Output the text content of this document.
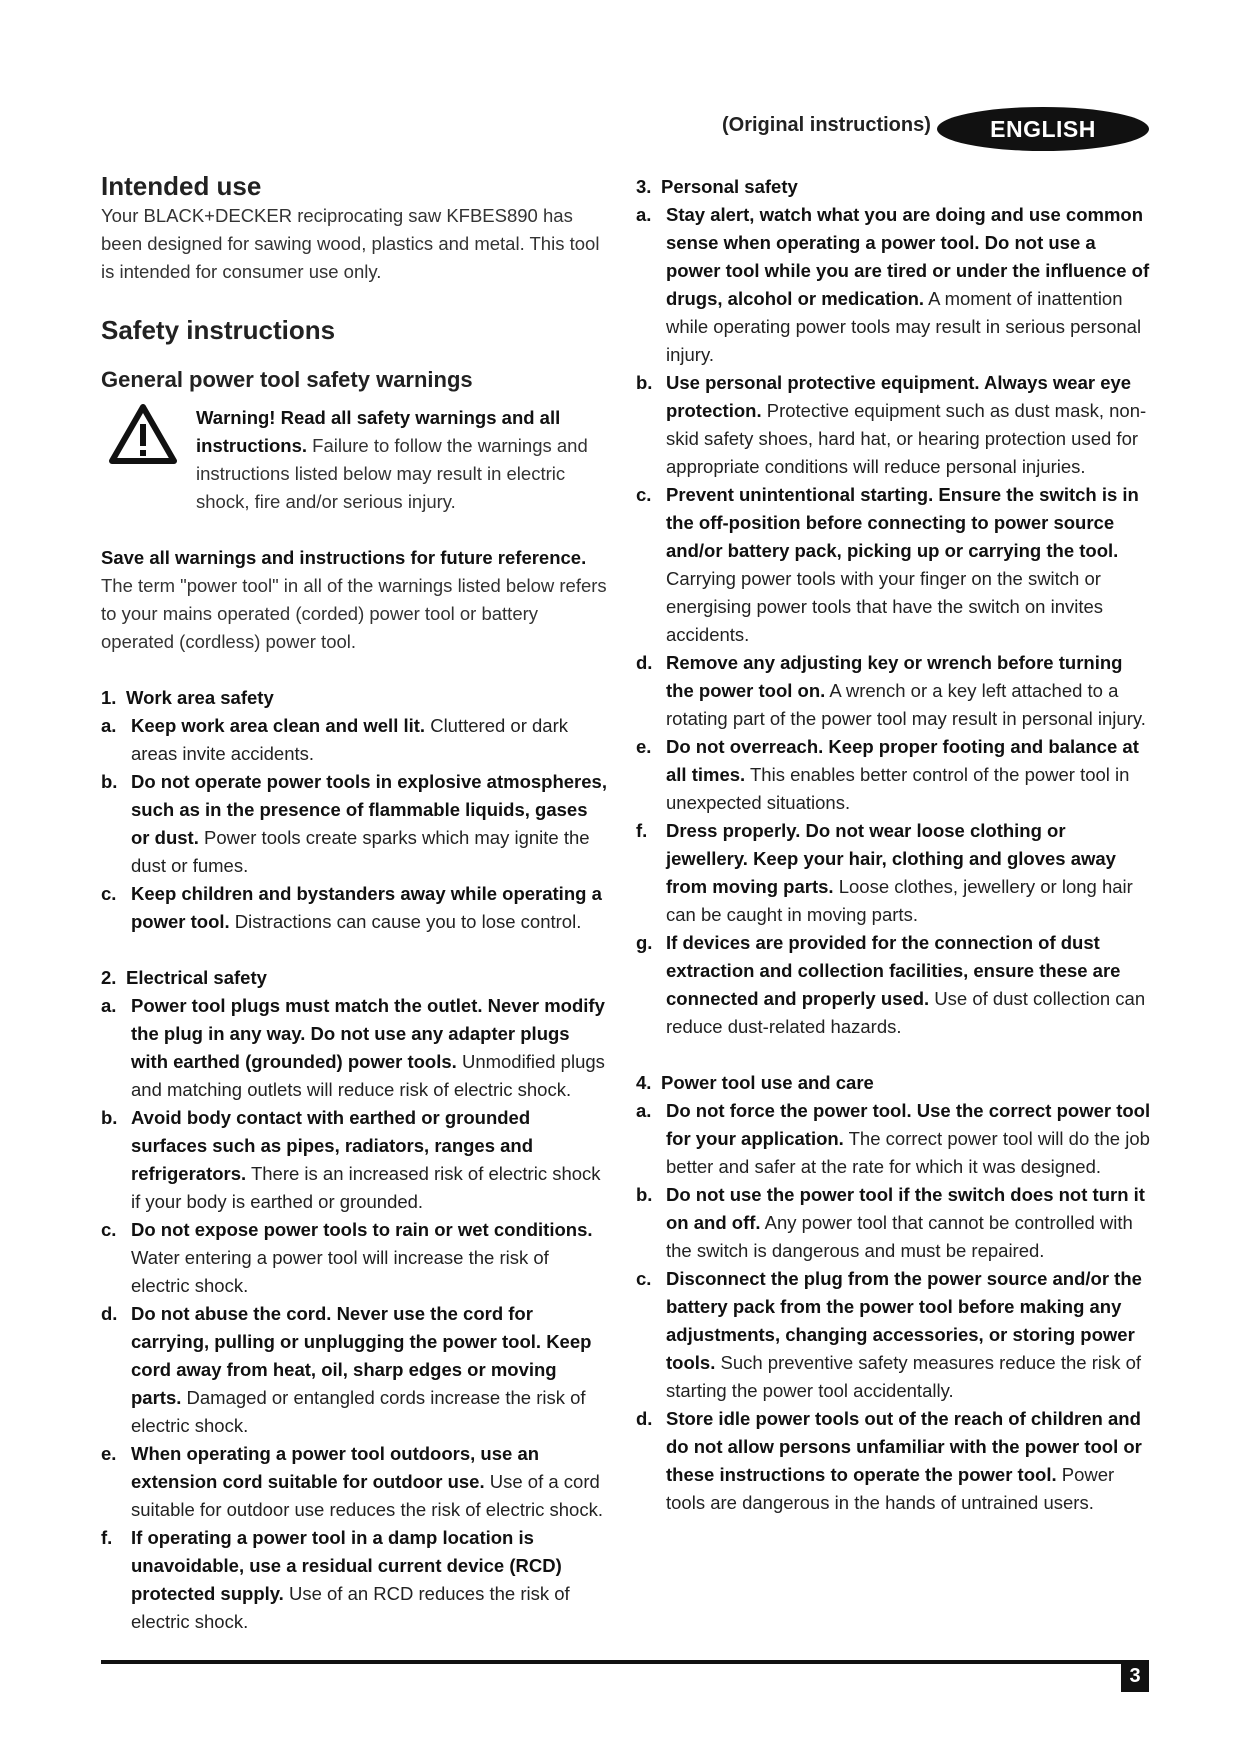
(Original instructions)	ENGLISH
Intended use

Your BLACK+DECKER reciprocating saw KFBES890 has been designed for sawing wood, plastics and metal. This tool is intended for consumer use only.

Safety instructions
General power tool safety warnings

Warning! Read all safety warnings and all instructions. Failure to follow the warnings and instructions listed below may result in electric shock, fire and/or serious injury.

Save all warnings and instructions for future reference. The term "power tool" in all of the warnings listed below refers to your mains operated (corded) power tool or battery operated (cordless) power tool.

1. Work area safety
a. Keep work area clean and well lit. Cluttered or dark areas invite accidents.
b. Do not operate power tools in explosive atmospheres, such as in the presence of flammable liquids, gases or dust. Power tools create sparks which may ignite the dust or fumes.
c. Keep children and bystanders away while operating a power tool. Distractions can cause you to lose control.
2. Electrical safety
a. Power tool plugs must match the outlet. Never modify the plug in any way. Do not use any adapter plugs with earthed (grounded) power tools. Unmodified plugs and matching outlets will reduce risk of electric shock.
b. Avoid body contact with earthed or grounded surfaces such as pipes, radiators, ranges and refrigerators. There is an increased risk of electric shock if your body is earthed or grounded.
c. Do not expose power tools to rain or wet conditions. Water entering a power tool will increase the risk of electric shock.
d. Do not abuse the cord. Never use the cord for carrying, pulling or unplugging the power tool. Keep cord away from heat, oil, sharp edges or moving parts. Damaged or entangled cords increase the risk of electric shock.
e. When operating a power tool outdoors, use an extension cord suitable for outdoor use. Use of a cord suitable for outdoor use reduces the risk of electric shock.
f. If operating a power tool in a damp location is unavoidable, use a residual current device (RCD) protected supply. Use of an RCD reduces the risk of electric shock.
3. Personal safety
a. Stay alert, watch what you are doing and use common sense when operating a power tool. Do not use a power tool while you are tired or under the influence of drugs, alcohol or medication. A moment of inattention while operating power tools may result in serious personal injury.
b. Use personal protective equipment. Always wear eye protection. Protective equipment such as dust mask, non-skid safety shoes, hard hat, or hearing protection used for appropriate conditions will reduce personal injuries.
c. Prevent unintentional starting. Ensure the switch is in the off-position before connecting to power source and/or battery pack, picking up or carrying the tool. Carrying power tools with your finger on the switch or energising power tools that have the switch on invites accidents.
d. Remove any adjusting key or wrench before turning the power tool on. A wrench or a key left attached to a rotating part of the power tool may result in personal injury.
e. Do not overreach. Keep proper footing and balance at all times. This enables better control of the power tool in unexpected situations.
f. Dress properly. Do not wear loose clothing or jewellery. Keep your hair, clothing and gloves away from moving parts. Loose clothes, jewellery or long hair can be caught in moving parts.
g. If devices are provided for the connection of dust extraction and collection facilities, ensure these are connected and properly used. Use of dust collection can reduce dust-related hazards.
4. Power tool use and care
a. Do not force the power tool. Use the correct power tool for your application. The correct power tool will do the job better and safer at the rate for which it was designed.
b. Do not use the power tool if the switch does not turn it on and off. Any power tool that cannot be controlled with the switch is dangerous and must be repaired.
c. Disconnect the plug from the power source and/or the battery pack from the power tool before making any adjustments, changing accessories, or storing power tools. Such preventive safety measures reduce the risk of starting the power tool accidentally.
d. Store idle power tools out of the reach of children and do not allow persons unfamiliar with the power tool or these instructions to operate the power tool. Power tools are dangerous in the hands of untrained users.
3
